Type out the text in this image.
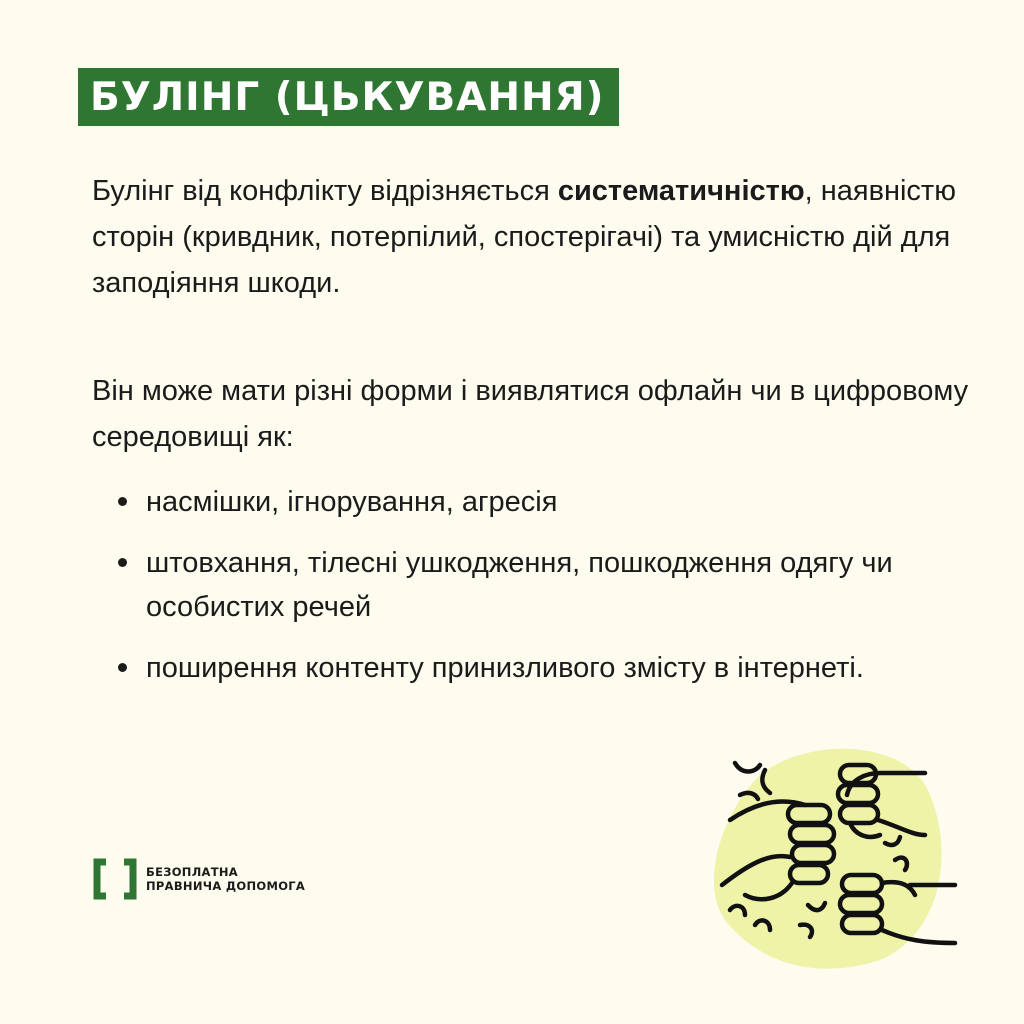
БУЛІНГ (ЦЬКУВАННЯ)

Булінг від конфлікту відрізняється систематичністю, наявністю сторін (кривдник, потерпілий, спостерігачі) та умисністю дій для заподіяння шкоди.

Він може мати різні форми і виявлятися офлайн чи в цифровому середовищі як:

насмішки, ігнорування, агресія
штовхання, тілесні ушкодження, пошкодження одягу чи особистих речей
поширення контенту принизливого змісту в інтернеті.
БЕЗОПЛАТНА
ПРАВНИЧА ДОПОМОГА
